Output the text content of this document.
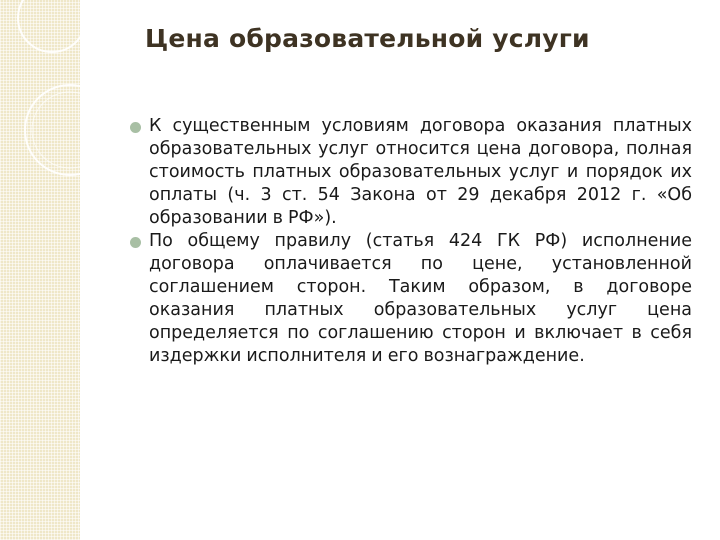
Цена образовательной услуги
К существенным условиям договора оказания платных образовательных услуг относится цена договора, полная стоимость платных образовательных услуг и порядок их оплаты (ч. 3 ст. 54 Закона от 29 декабря 2012 г. «Об образовании в РФ»).
По общему правилу (статья 424 ГК РФ) исполнение договора оплачивается по цене, установленной соглашением сторон. Таким образом, в договоре оказания платных образовательных услуг цена определяется по соглашению сторон и включает в себя издержки исполнителя и его вознаграждение.
